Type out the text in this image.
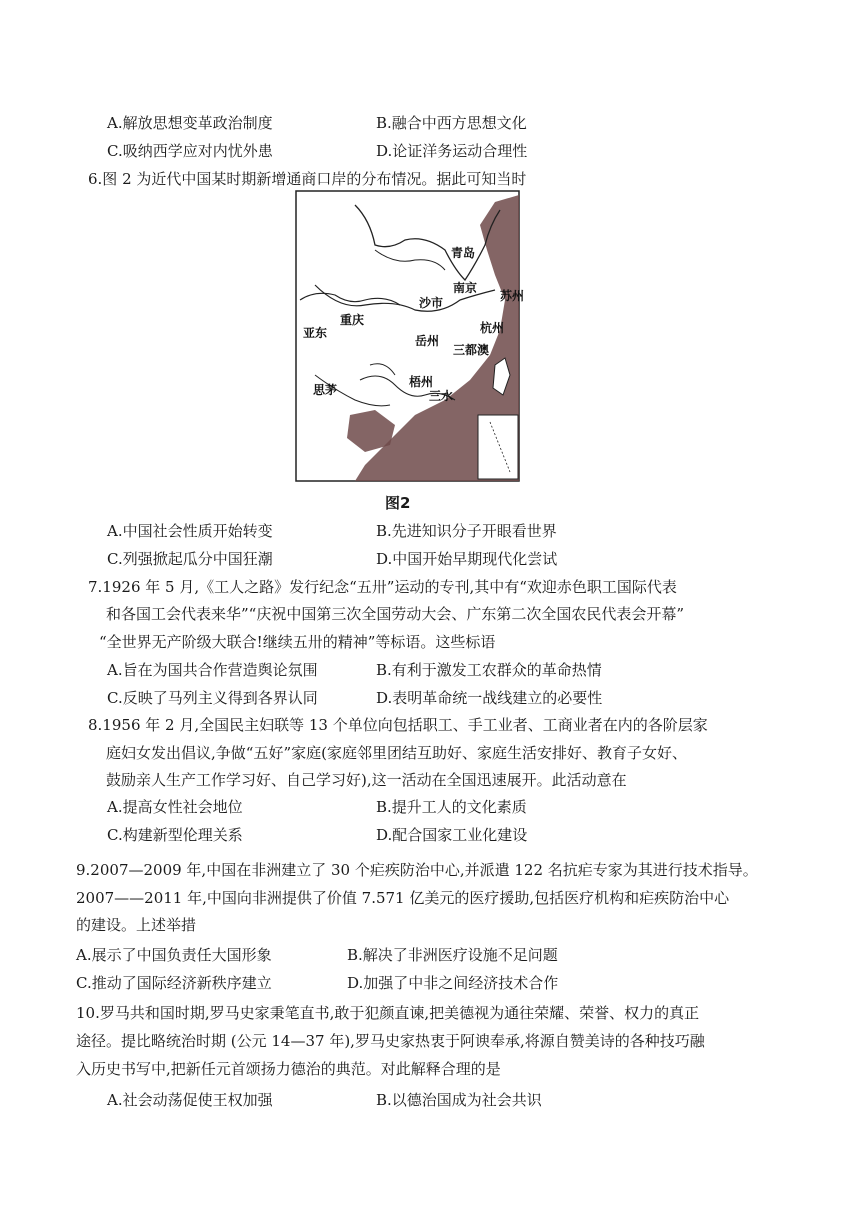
A.解放思想变革政治制度	B.融合中西方思想文化
C.吸纳西学应对内忧外患	D.论证洋务运动合理性
6.图 2 为近代中国某时期新增通商口岸的分布情况。据此可知当时
青岛
南京
沙市
重庆
亚东	杭州
岳州
三都澳
思茅
梧州
三水
苏州
图2
A.中国社会性质开始转变	B.先进知识分子开眼看世界
C.列强掀起瓜分中国狂潮	D.中国开始早期现代化尝试
7.1926 年 5 月,《工人之路》发行纪念“五卅”运动的专刊,其中有“欢迎赤色职工国际代表
和各国工会代表来华”“庆祝中国第三次全国劳动大会、广东第二次全国农民代表会开幕”
“全世界无产阶级大联合!继续五卅的精神”等标语。这些标语
A.旨在为国共合作营造舆论氛围	B.有利于激发工农群众的革命热情
C.反映了马列主义得到各界认同	D.表明革命统一战线建立的必要性
8.1956 年 2 月,全国民主妇联等 13 个单位向包括职工、手工业者、工商业者在内的各阶层家
庭妇女发出倡议,争做“五好”家庭(家庭邻里团结互助好、家庭生活安排好、教育子女好、
鼓励亲人生产工作学习好、自己学习好),这一活动在全国迅速展开。此活动意在
A.提高女性社会地位	B.提升工人的文化素质
C.构建新型伦理关系	D.配合国家工业化建设
9.2007—2009 年,中国在非洲建立了 30 个疟疾防治中心,并派遣 122 名抗疟专家为其进行技术指导。
2007——2011 年,中国向非洲提供了价值 7.571 亿美元的医疗援助,包括医疗机构和疟疾防治中心
的建设。上述举措
A.展示了中国负责任大国形象	B.解决了非洲医疗设施不足问题
C.推动了国际经济新秩序建立	D.加强了中非之间经济技术合作
10.罗马共和国时期,罗马史家秉笔直书,敢于犯颜直谏,把美德视为通往荣耀、荣誉、权力的真正
途径。提比略统治时期 (公元 14—37 年),罗马史家热衷于阿谀奉承,将源自赞美诗的各种技巧融
入历史书写中,把新任元首颂扬力德治的典范。对此解释合理的是
A.社会动荡促使王权加强	B.以德治国成为社会共识
